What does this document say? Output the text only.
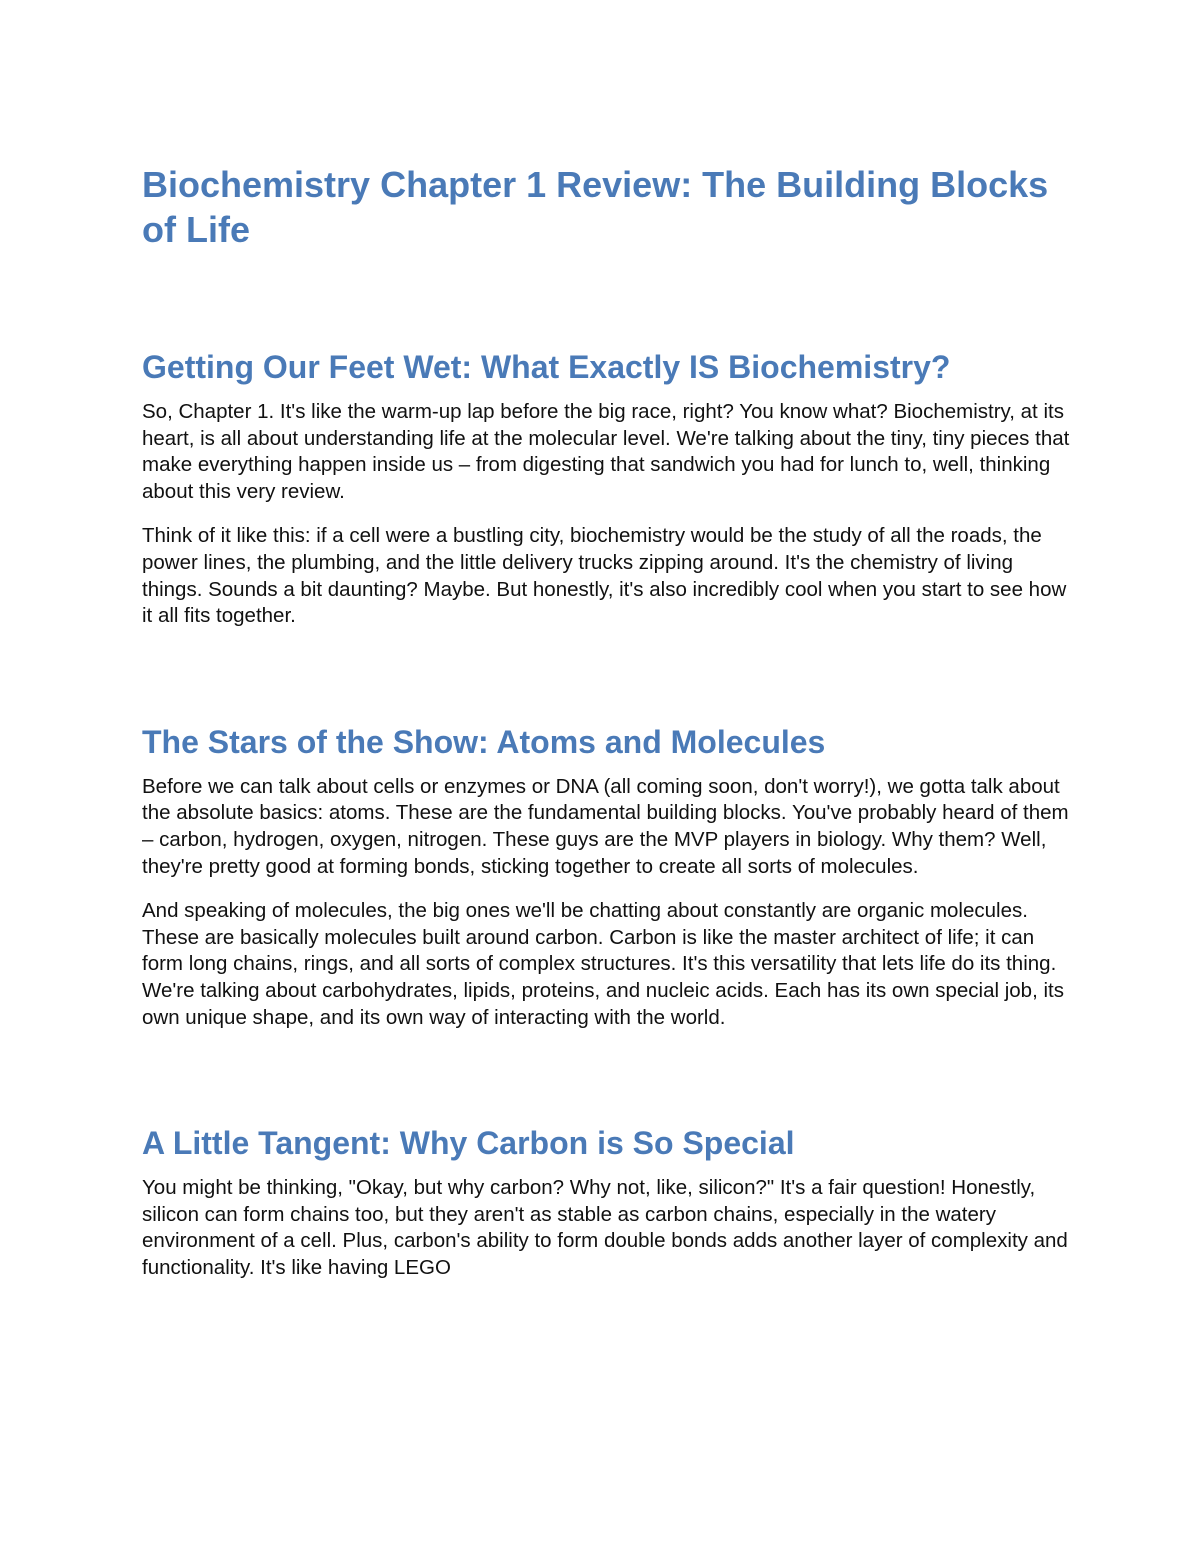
Biochemistry Chapter 1 Review: The Building Blocks of Life
Getting Our Feet Wet: What Exactly IS Biochemistry?

So, Chapter 1. It's like the warm-up lap before the big race, right? You know what? Biochemistry, at its heart, is all about understanding life at the molecular level. We're talking about the tiny, tiny pieces that make everything happen inside us – from digesting that sandwich you had for lunch to, well, thinking about this very review.

Think of it like this: if a cell were a bustling city, biochemistry would be the study of all the roads, the power lines, the plumbing, and the little delivery trucks zipping around. It's the chemistry of living things. Sounds a bit daunting? Maybe. But honestly, it's also incredibly cool when you start to see how it all fits together.

The Stars of the Show: Atoms and Molecules

Before we can talk about cells or enzymes or DNA (all coming soon, don't worry!), we gotta talk about the absolute basics: atoms. These are the fundamental building blocks. You've probably heard of them – carbon, hydrogen, oxygen, nitrogen. These guys are the MVP players in biology. Why them? Well, they're pretty good at forming bonds, sticking together to create all sorts of molecules.

And speaking of molecules, the big ones we'll be chatting about constantly are organic molecules. These are basically molecules built around carbon. Carbon is like the master architect of life; it can form long chains, rings, and all sorts of complex structures. It's this versatility that lets life do its thing. We're talking about carbohydrates, lipids, proteins, and nucleic acids. Each has its own special job, its own unique shape, and its own way of interacting with the world.

A Little Tangent: Why Carbon is So Special

You might be thinking, "Okay, but why carbon? Why not, like, silicon?" It's a fair question! Honestly, silicon can form chains too, but they aren't as stable as carbon chains, especially in the watery environment of a cell. Plus, carbon's ability to form double bonds adds another layer of complexity and functionality. It's like having LEGO
